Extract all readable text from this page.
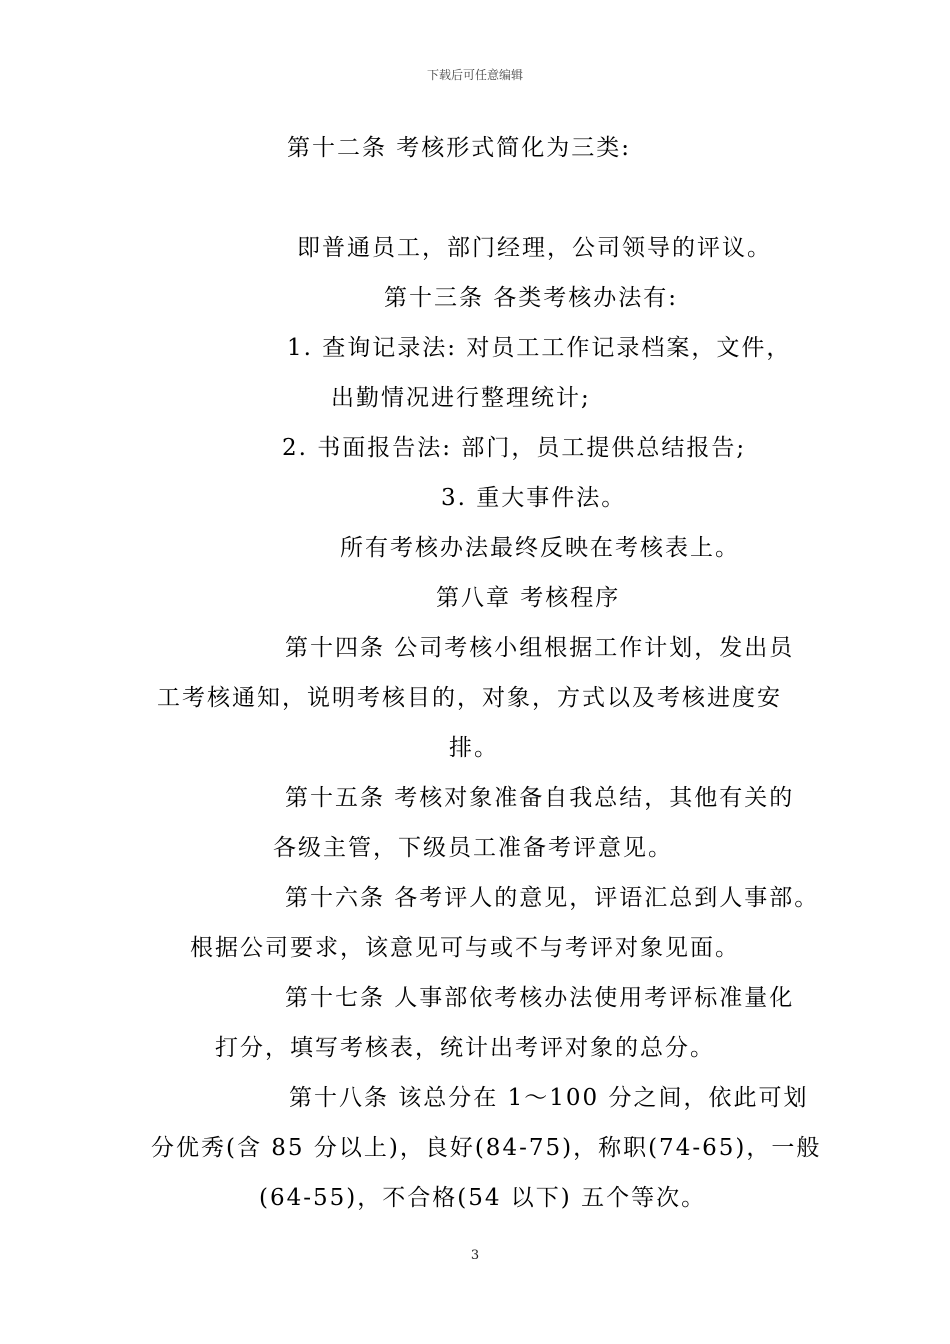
下载后可任意编辑
第十二条 考核形式简化为三类:
即普通员工，部门经理，公司领导的评议。
第十三条 各类考核办法有:
1. 查询记录法: 对员工工作记录档案，文件，
出勤情况进行整理统计;
2. 书面报告法: 部门，员工提供总结报告;
3. 重大事件法。
所有考核办法最终反映在考核表上。
第八章 考核程序
第十四条 公司考核小组根据工作计划，发出员
工考核通知，说明考核目的，对象，方式以及考核进度安
排。
第十五条 考核对象准备自我总结，其他有关的
各级主管，下级员工准备考评意见。
第十六条 各考评人的意见，评语汇总到人事部。
根据公司要求，该意见可与或不与考评对象见面。
第十七条 人事部依考核办法使用考评标准量化
打分，填写考核表，统计出考评对象的总分。
第十八条 该总分在 1～100 分之间，依此可划
分优秀(含 85 分以上)，良好(84-75)，称职(74-65)，一般
(64-55)，不合格(54 以下) 五个等次。
3
